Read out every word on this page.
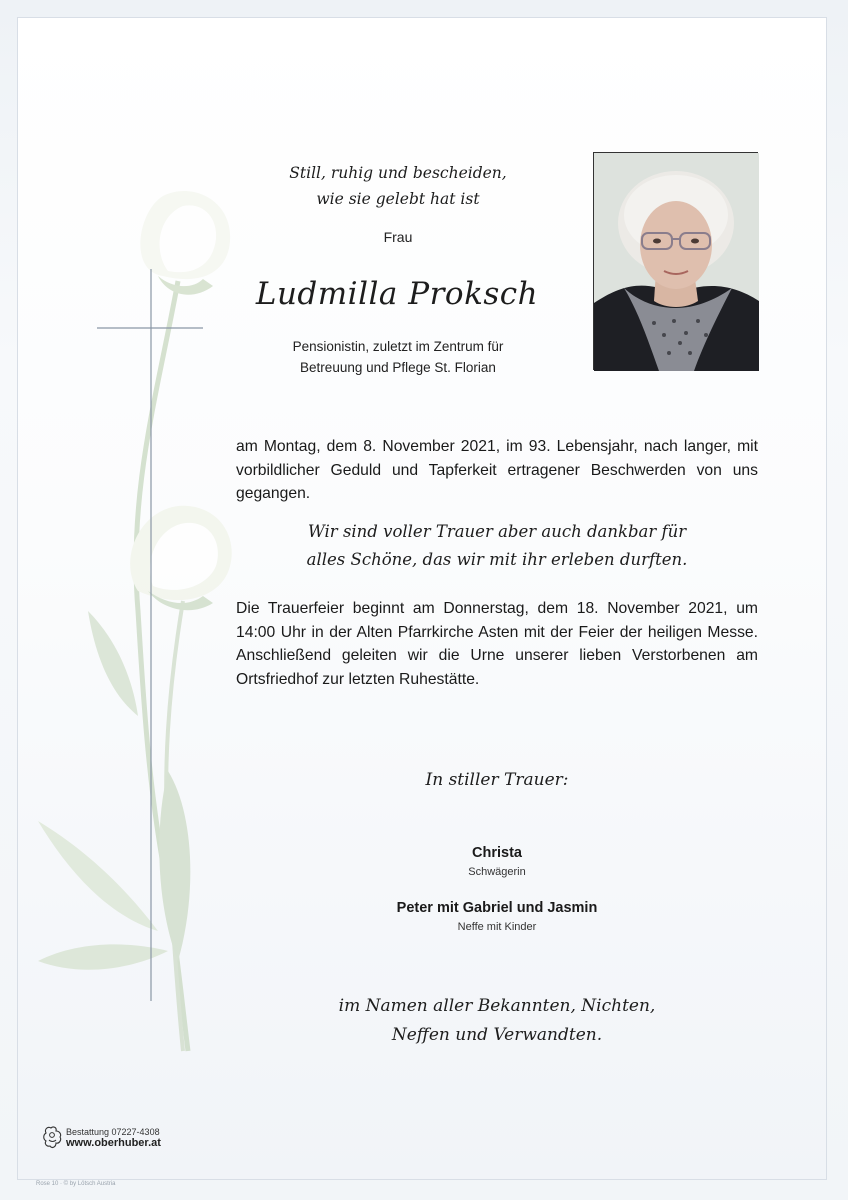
Rose 10 · © by Lötsch Austria
Still, ruhig und bescheiden,
wie sie gelebt hat ist
Frau
Ludmilla Proksch
Pensionistin, zuletzt im Zentrum für
Betreuung und Pflege St. Florian
am Montag, dem 8. November 2021, im 93. Lebensjahr, nach langer, mit vorbildlicher Geduld und Tapferkeit ertragener Beschwerden von uns gegangen.
Wir sind voller Trauer aber auch dankbar für
alles Schöne, das wir mit ihr erleben durften.
Die Trauerfeier beginnt am Donnerstag, dem 18. November 2021, um 14:00 Uhr in der Alten Pfarrkirche Asten mit der Feier der heiligen Messe. Anschließend geleiten wir die Urne unserer lieben Verstorbenen am Ortsfriedhof zur letzten Ruhestätte.
In stiller Trauer:
Christa
Schwägerin
Peter mit Gabriel und Jasmin
Neffe mit Kinder
im Namen aller Bekannten, Nichten,
Neffen und Verwandten.
Bestattung 07227-4308
www.oberhuber.at
